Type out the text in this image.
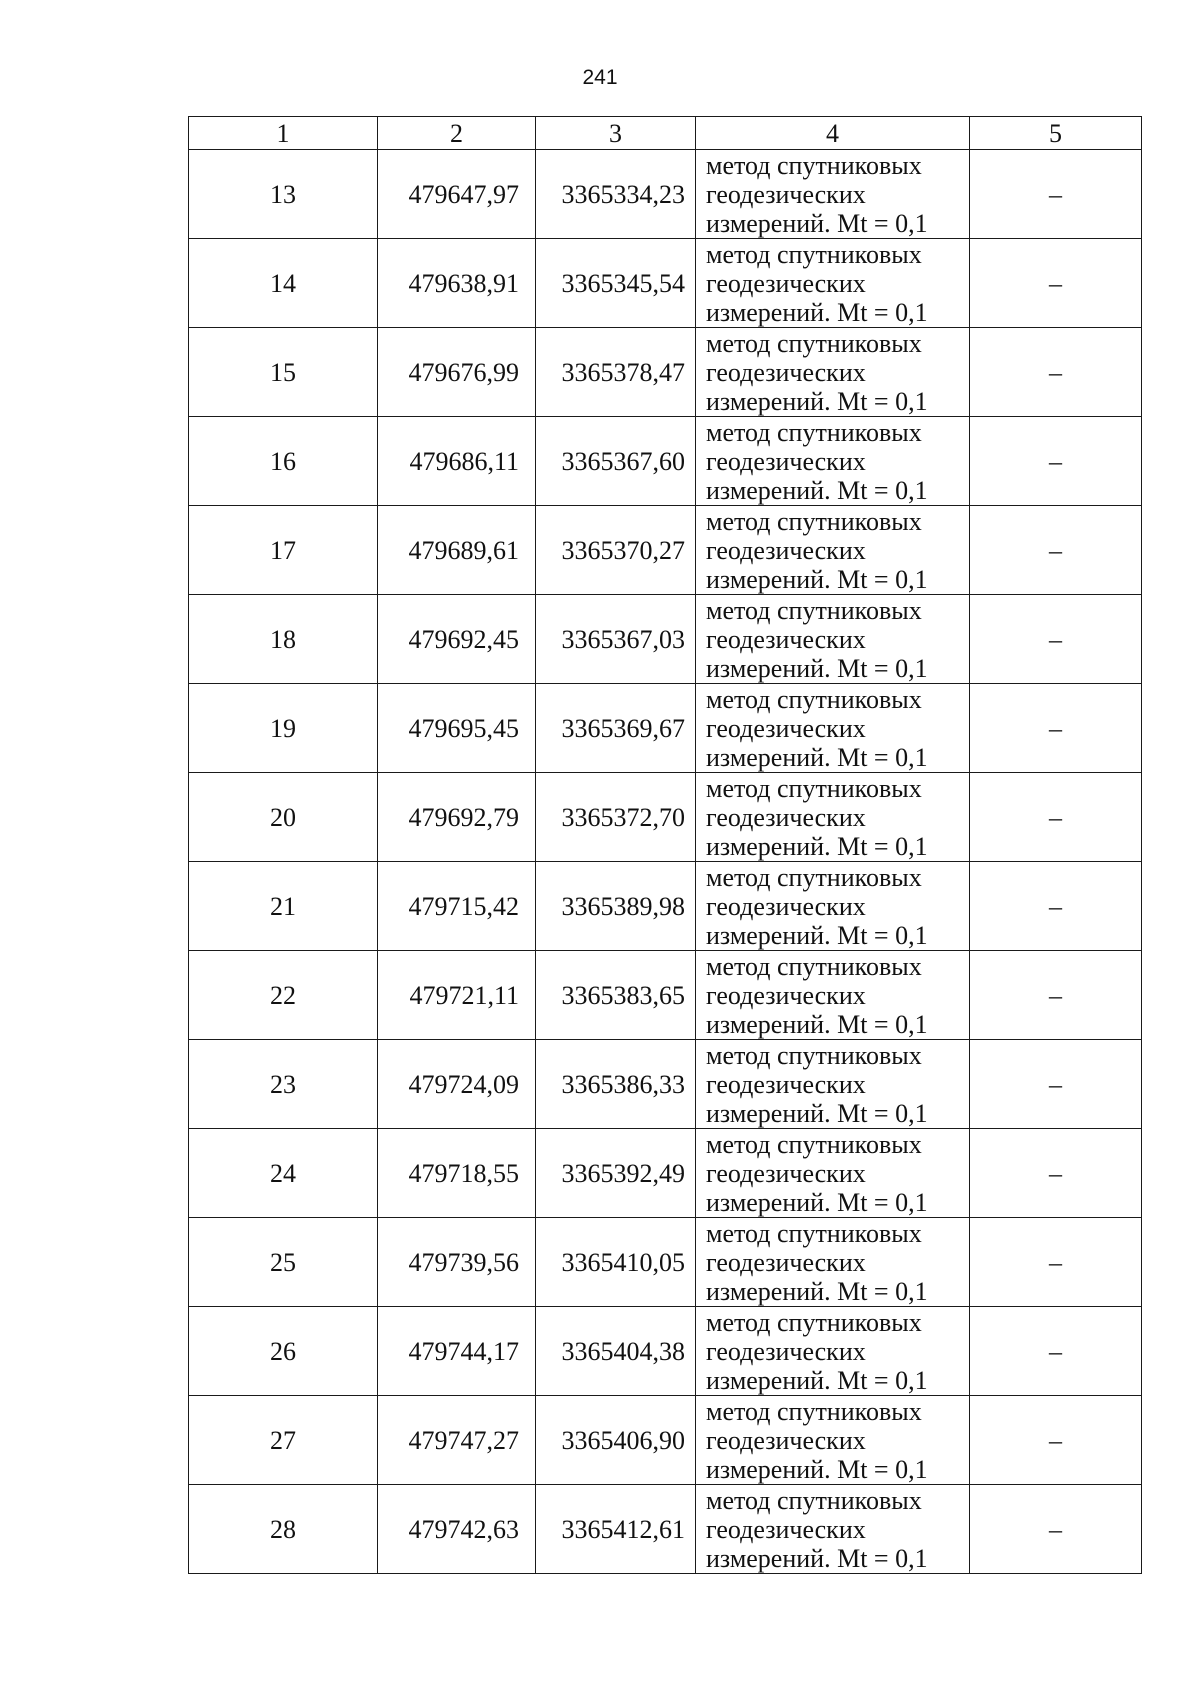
241
1	2	3	4	5
13	479647,97	3365334,23	метод спутниковых
геодезических
измерений. Mt = 0,1	–
14	479638,91	3365345,54	метод спутниковых
геодезических
измерений. Mt = 0,1	–
15	479676,99	3365378,47	метод спутниковых
геодезических
измерений. Mt = 0,1	–
16	479686,11	3365367,60	метод спутниковых
геодезических
измерений. Mt = 0,1	–
17	479689,61	3365370,27	метод спутниковых
геодезических
измерений. Mt = 0,1	–
18	479692,45	3365367,03	метод спутниковых
геодезических
измерений. Mt = 0,1	–
19	479695,45	3365369,67	метод спутниковых
геодезических
измерений. Mt = 0,1	–
20	479692,79	3365372,70	метод спутниковых
геодезических
измерений. Mt = 0,1	–
21	479715,42	3365389,98	метод спутниковых
геодезических
измерений. Mt = 0,1	–
22	479721,11	3365383,65	метод спутниковых
геодезических
измерений. Mt = 0,1	–
23	479724,09	3365386,33	метод спутниковых
геодезических
измерений. Mt = 0,1	–
24	479718,55	3365392,49	метод спутниковых
геодезических
измерений. Mt = 0,1	–
25	479739,56	3365410,05	метод спутниковых
геодезических
измерений. Mt = 0,1	–
26	479744,17	3365404,38	метод спутниковых
геодезических
измерений. Mt = 0,1	–
27	479747,27	3365406,90	метод спутниковых
геодезических
измерений. Mt = 0,1	–
28	479742,63	3365412,61	метод спутниковых
геодезических
измерений. Mt = 0,1	–
